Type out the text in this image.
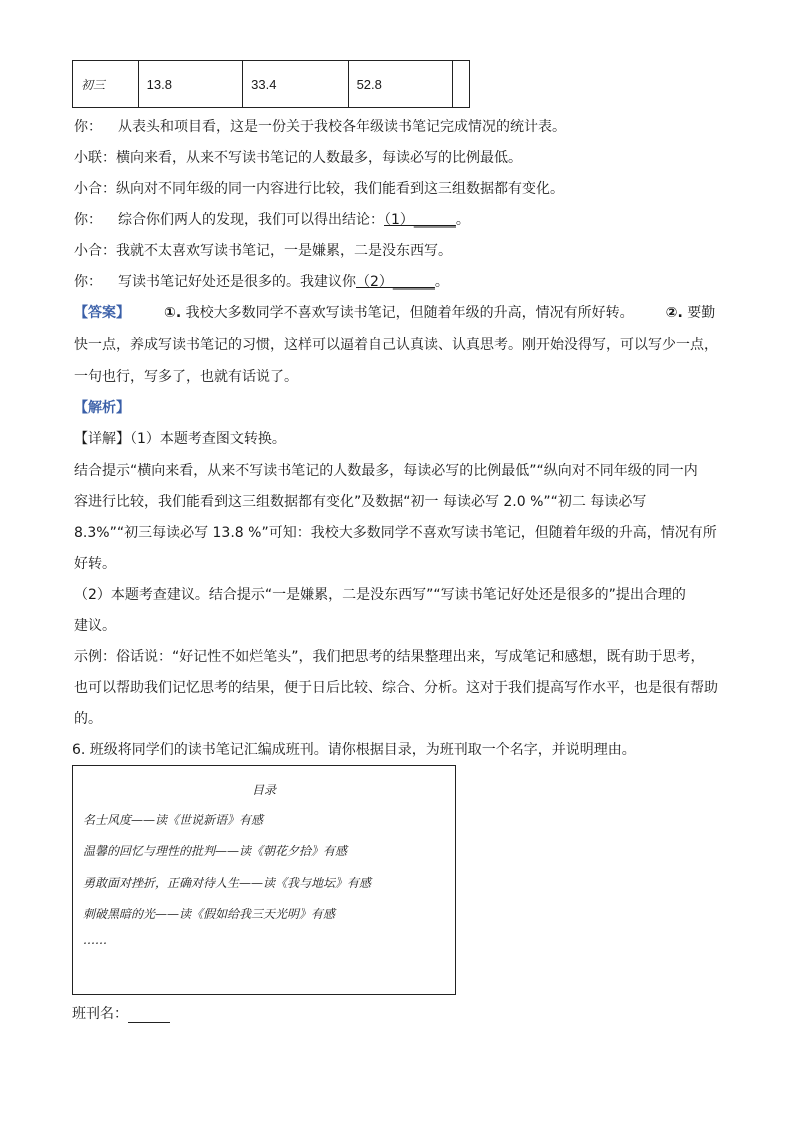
初三	13.8	33.4	52.8
你： 从表头和项目看，这是一份关于我校各年级读书笔记完成情况的统计表。
小联：横向来看，从来不写读书笔记的人数最多，每读必写的比例最低。
小合：纵向对不同年级的同一内容进行比较，我们能看到这三组数据都有变化。
你： 综合你们两人的发现，我们可以得出结论：（1）______。
小合：我就不太喜欢写读书笔记，一是嫌累，二是没东西写。
你： 写读书笔记好处还是很多的。我建议你（2）______。
【答案】 ①. 我校大多数同学不喜欢写读书笔记，但随着年级的升高，情况有所好转。 ②. 要勤
快一点，养成写读书笔记的习惯，这样可以逼着自己认真读、认真思考。刚开始没得写，可以写少一点，
一句也行，写多了，也就有话说了。
【解析】
【详解】（1）本题考查图文转换。
结合提示“横向来看，从来不写读书笔记的人数最多，每读必写的比例最低”“纵向对不同年级的同一内
容进行比较，我们能看到这三组数据都有变化”及数据“初一 每读必写 2.0 %”“初二 每读必写
8.3%”“初三每读必写 13.8 %”可知：我校大多数同学不喜欢写读书笔记，但随着年级的升高，情况有所
好转。
（2）本题考查建议。结合提示“一是嫌累，二是没东西写”“写读书笔记好处还是很多的”提出合理的
建议。
示例：俗话说：“好记性不如烂笔头”，我们把思考的结果整理出来，写成笔记和感想，既有助于思考，
也可以帮助我们记忆思考的结果，便于日后比较、综合、分析。这对于我们提高写作水平，也是很有帮助
的。
6. 班级将同学们的读书笔记汇编成班刊。请你根据目录，为班刊取一个名字，并说明理由。
目录
名士风度——读《世说新语》有感
温馨的回忆与理性的批判——读《朝花夕拾》有感
勇敢面对挫折，正确对待人生——读《我与地坛》有感
刺破黑暗的光——读《假如给我三天光明》有感
……
班刊名：
